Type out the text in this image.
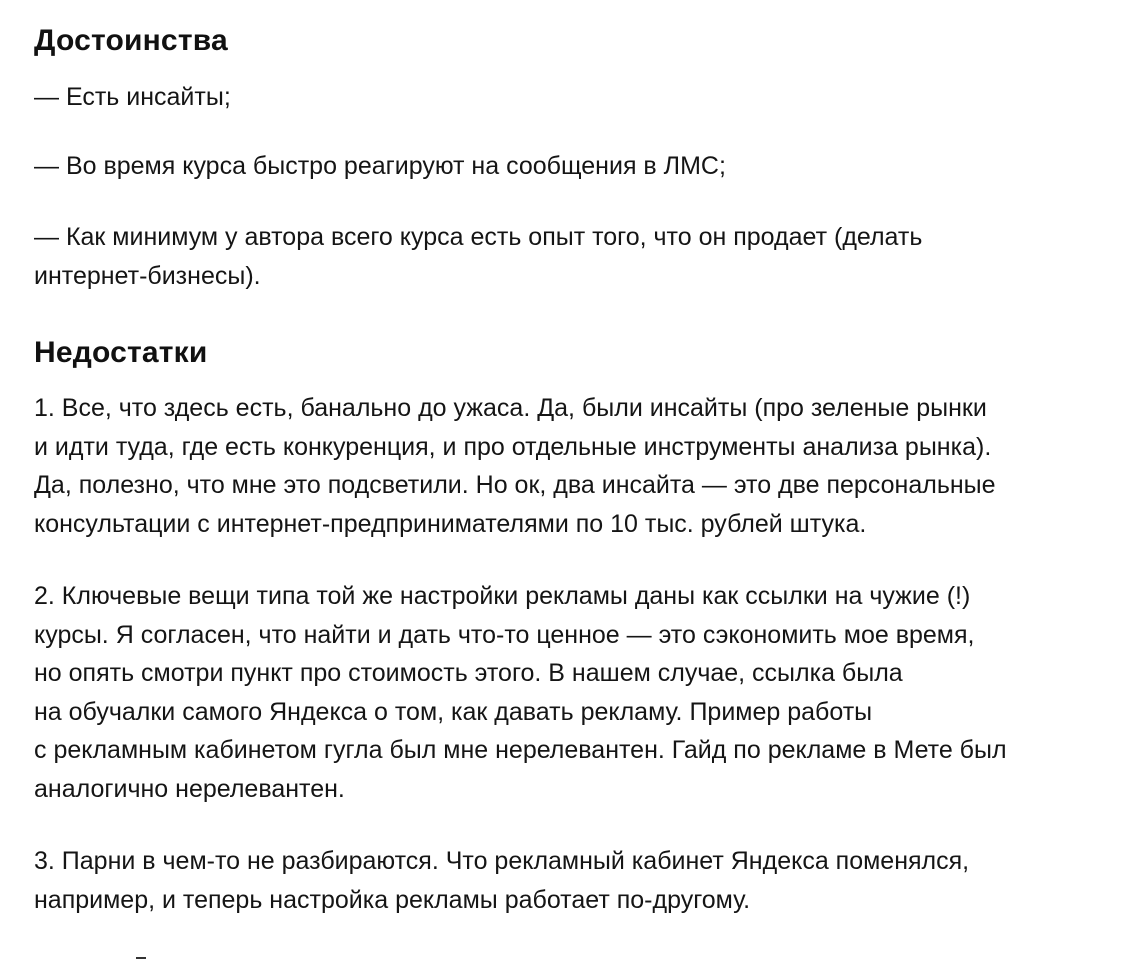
Достоинства

— Есть инсайты;

— Во время курса быстро реагируют на сообщения в ЛМС;

— Как минимум у автора всего курса есть опыт того, что он продает (делать
интернет-бизнесы).

Недостатки

1. Все, что здесь есть, банально до ужаса. Да, были инсайты (про зеленые рынки
и идти туда, где есть конкуренция, и про отдельные инструменты анализа рынка).
Да, полезно, что мне это подсветили. Но ок, два инсайта — это две персональные
консультации с интернет-предпринимателями по 10 тыс. рублей штука.

2. Ключевые вещи типа той же настройки рекламы даны как ссылки на чужие (!)
курсы. Я согласен, что найти и дать что-то ценное — это сэкономить мое время,
но опять смотри пункт про стоимость этого. В нашем случае, ссылка была
на обучалки самого Яндекса о том, как давать рекламу. Пример работы
с рекламным кабинетом гугла был мне нерелевантен. Гайд по рекламе в Мете был
аналогично нерелевантен.

3. Парни в чем-то не разбираются. Что рекламный кабинет Яндекса поменялся,
например, и теперь настройка рекламы работает по-другому.
